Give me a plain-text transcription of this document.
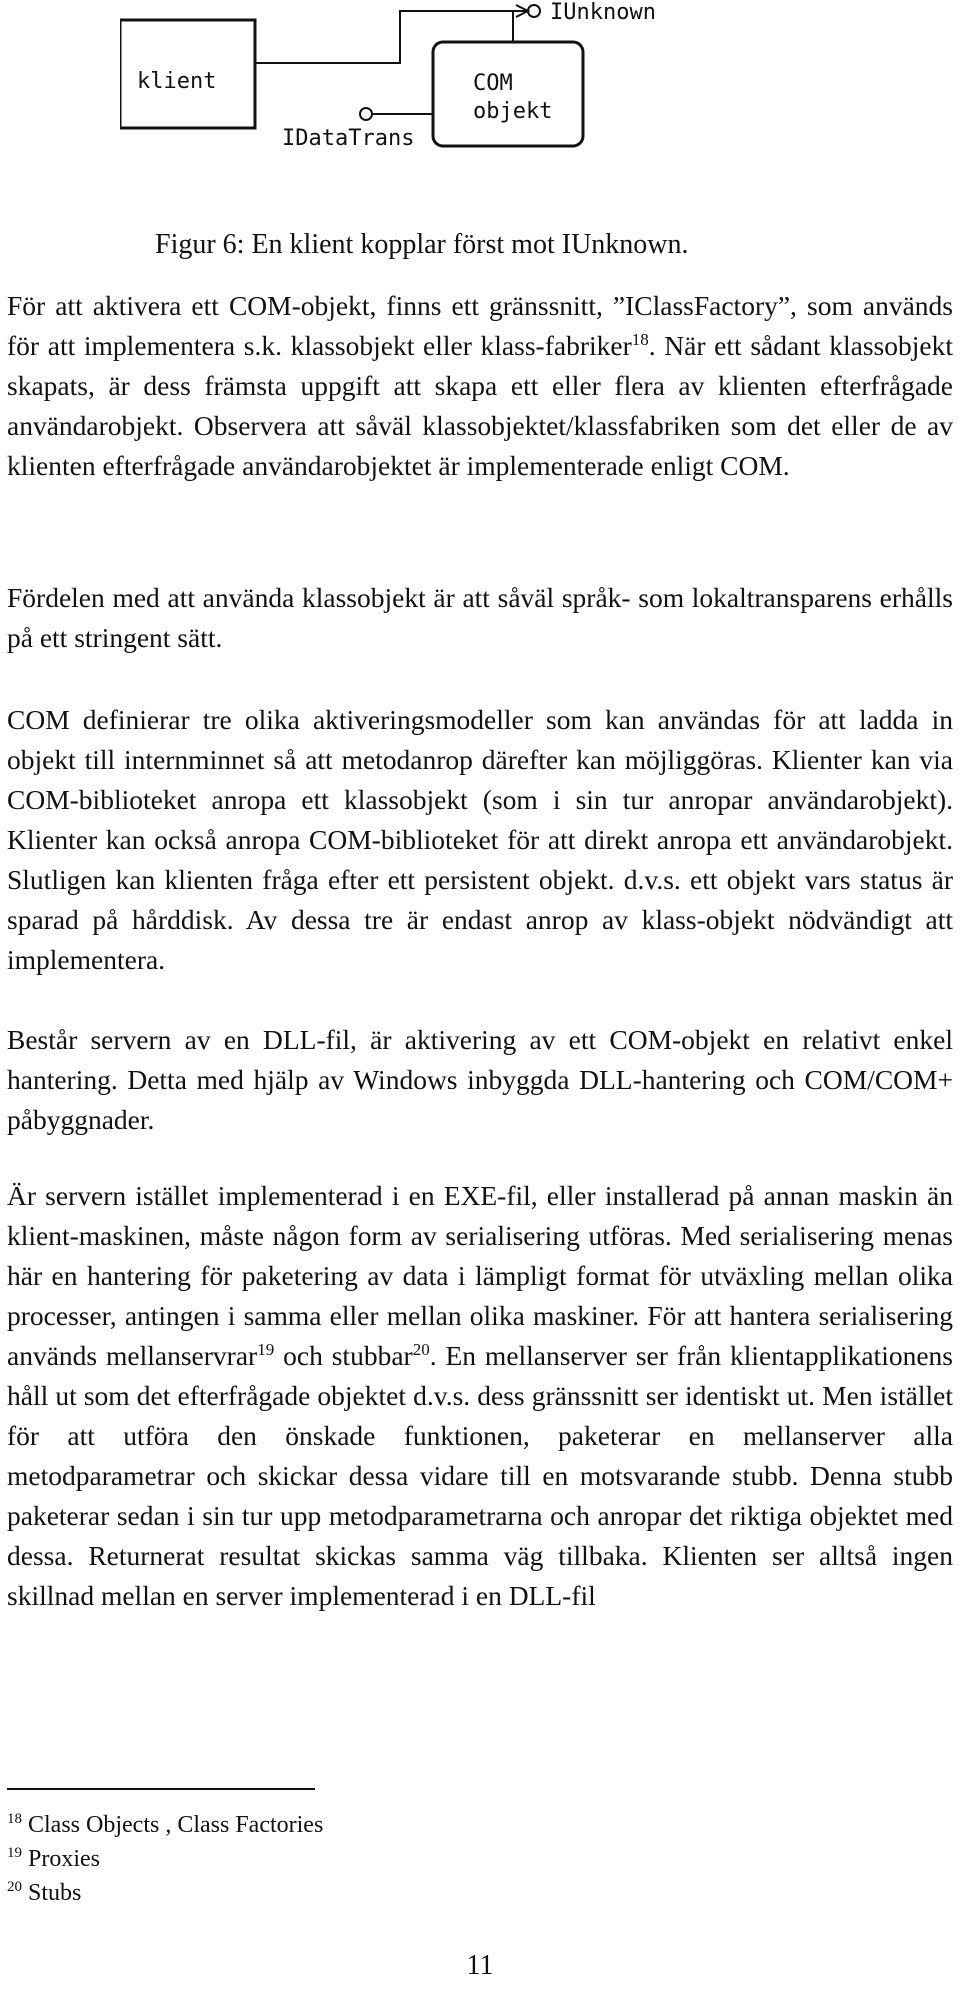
klient	COM
objekt
IUnknown
IDataTrans
Figur 6: En klient kopplar först mot IUnknown.

För att aktivera ett COM-objekt, finns ett gränssnitt, ”IClassFactory”, som används för att implementera s.k. klassobjekt eller klass-fabriker$^{18}$. När ett sådant klassobjekt skapats, är dess främsta uppgift att skapa ett eller flera av klienten efterfrågade användarobjekt. Observera att såväl klassobjektet/klassfabriken som det eller de av klienten efterfrågade användarobjektet är implementerade enligt COM.

Fördelen med att använda klassobjekt är att såväl språk- som lokaltransparens erhålls på ett stringent sätt.

COM definierar tre olika aktiveringsmodeller som kan användas för att ladda in objekt till internminnet så att metodanrop därefter kan möjliggöras. Klienter kan via COM-biblioteket anropa ett klassobjekt (som i sin tur anropar användarobjekt). Klienter kan också anropa COM-biblioteket för att direkt anropa ett användarobjekt. Slutligen kan klienten fråga efter ett persistent objekt. d.v.s. ett objekt vars status är sparad på hårddisk. Av dessa tre är endast anrop av klass-objekt nödvändigt att implementera.

Består servern av en DLL-fil, är aktivering av ett COM-objekt en relativt enkel hantering. Detta med hjälp av Windows inbyggda DLL-hantering och COM/COM+ påbyggnader.

Är servern istället implementerad i en EXE-fil, eller installerad på annan maskin än klient-maskinen, måste någon form av serialisering utföras. Med serialisering menas här en hantering för paketering av data i lämpligt format för utväxling mellan olika processer, antingen i samma eller mellan olika maskiner. För att hantera serialisering används mellanservrar$^{19}$ och stubbar$^{20}$. En mellanserver ser från klientapplikationens håll ut som det efterfrågade objektet d.v.s. dess gränssnitt ser identiskt ut. Men istället för att utföra den önskade funktionen, paketerar en mellanserver alla metodparametrar och skickar dessa vidare till en motsvarande stubb. Denna stubb paketerar sedan i sin tur upp metodparametrarna och anropar det riktiga objektet med dessa. Returnerat resultat skickas samma väg tillbaka. Klienten ser alltså ingen skillnad mellan en server implementerad i en DLL-fil

$^{18}$ Class Objects , Class Factories
$^{19}$ Proxies
$^{20}$ Stubs
11
